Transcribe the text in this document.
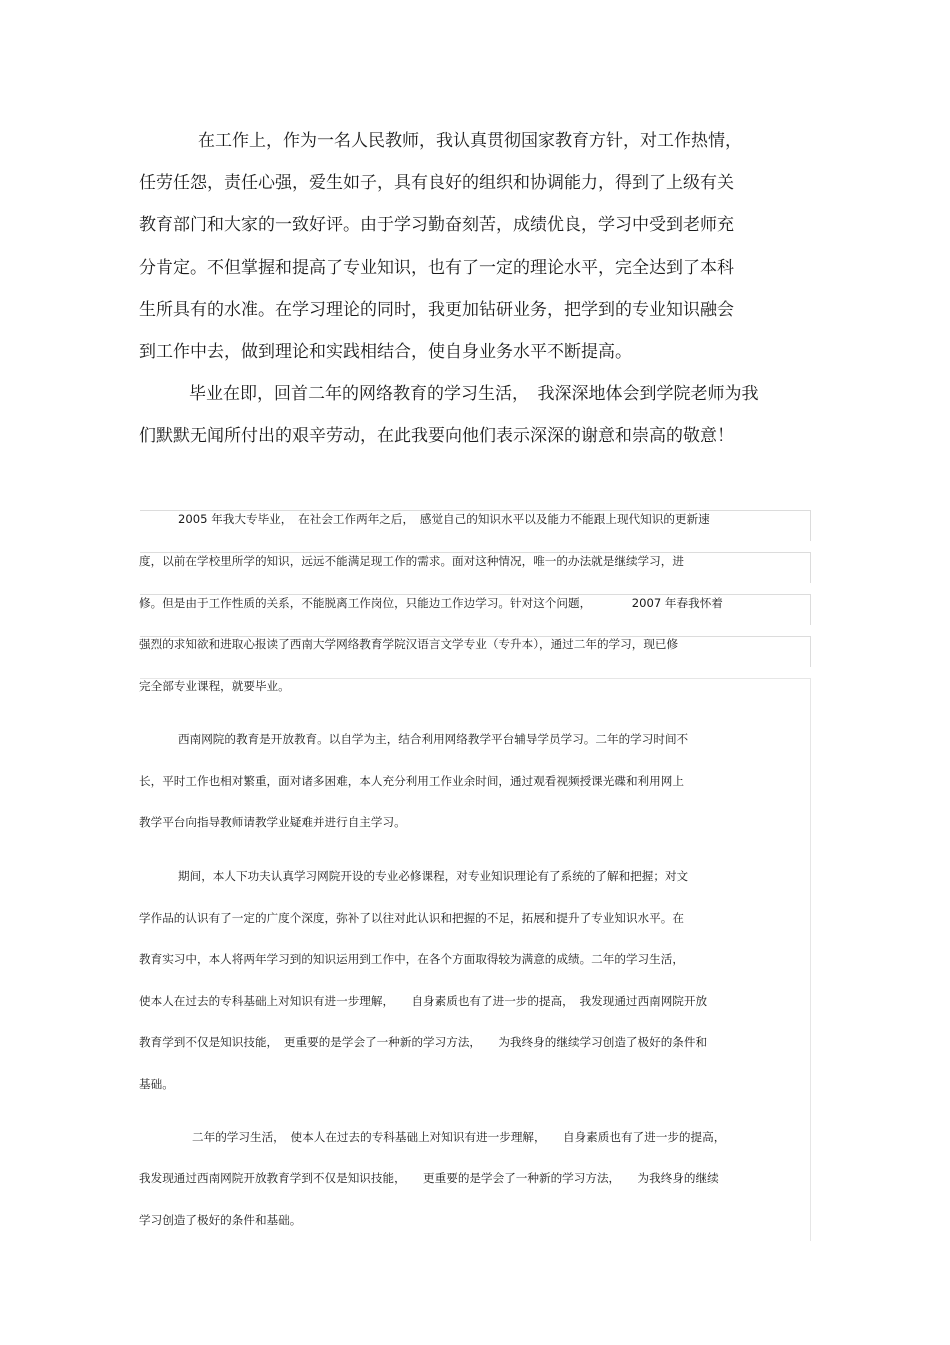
在工作上，作为一名人民教师，我认真贯彻国家教育方针，对工作热情，

任劳任怨，责任心强，爱生如子，具有良好的组织和协调能力，得到了上级有关

教育部门和大家的一致好评。由于学习勤奋刻苦，成绩优良，学习中受到老师充

分肯定。不但掌握和提高了专业知识，也有了一定的理论水平，完全达到了本科

生所具有的水准。在学习理论的同时，我更加钻研业务，把学到的专业知识融会

到工作中去，做到理论和实践相结合，使自身业务水平不断提高。

毕业在即，回首二年的网络教育的学习生活，　我深深地体会到学院老师为我

们默默无闻所付出的艰辛劳动，在此我要向他们表示深深的谢意和崇高的敬意！

2005 年我大专毕业，　在社会工作两年之后，　感觉自己的知识水平以及能力不能跟上现代知识的更新速

度，以前在学校里所学的知识，远远不能满足现工作的需求。面对这种情况，唯一的办法就是继续学习，进

修。但是由于工作性质的关系，不能脱离工作岗位，只能边工作边学习。针对这个问题，　　　　2007 年春我怀着

强烈的求知欲和进取心报读了西南大学网络教育学院汉语言文学专业（专升本），通过二年的学习，现已修

完全部专业课程，就要毕业。

西南网院的教育是开放教育。以自学为主，结合利用网络教学平台辅导学员学习。二年的学习时间不

长，平时工作也相对繁重，面对诸多困难，本人充分利用工作业余时间，通过观看视频授课光碟和利用网上

教学平台向指导教师请教学业疑难并进行自主学习。

期间，本人下功夫认真学习网院开设的专业必修课程，对专业知识理论有了系统的了解和把握；对文

学作品的认识有了一定的广度个深度，弥补了以往对此认识和把握的不足，拓展和提升了专业知识水平。在

教育实习中，本人将两年学习到的知识运用到工作中，在各个方面取得较为满意的成绩。二年的学习生活，

使本人在过去的专科基础上对知识有进一步理解，　　自身素质也有了进一步的提高，　我发现通过西南网院开放

教育学到不仅是知识技能，　更重要的是学会了一种新的学习方法，　　为我终身的继续学习创造了极好的条件和

基础。

二年的学习生活，　使本人在过去的专科基础上对知识有进一步理解，　　自身素质也有了进一步的提高，

我发现通过西南网院开放教育学到不仅是知识技能，　　更重要的是学会了一种新的学习方法，　　为我终身的继续

学习创造了极好的条件和基础。
